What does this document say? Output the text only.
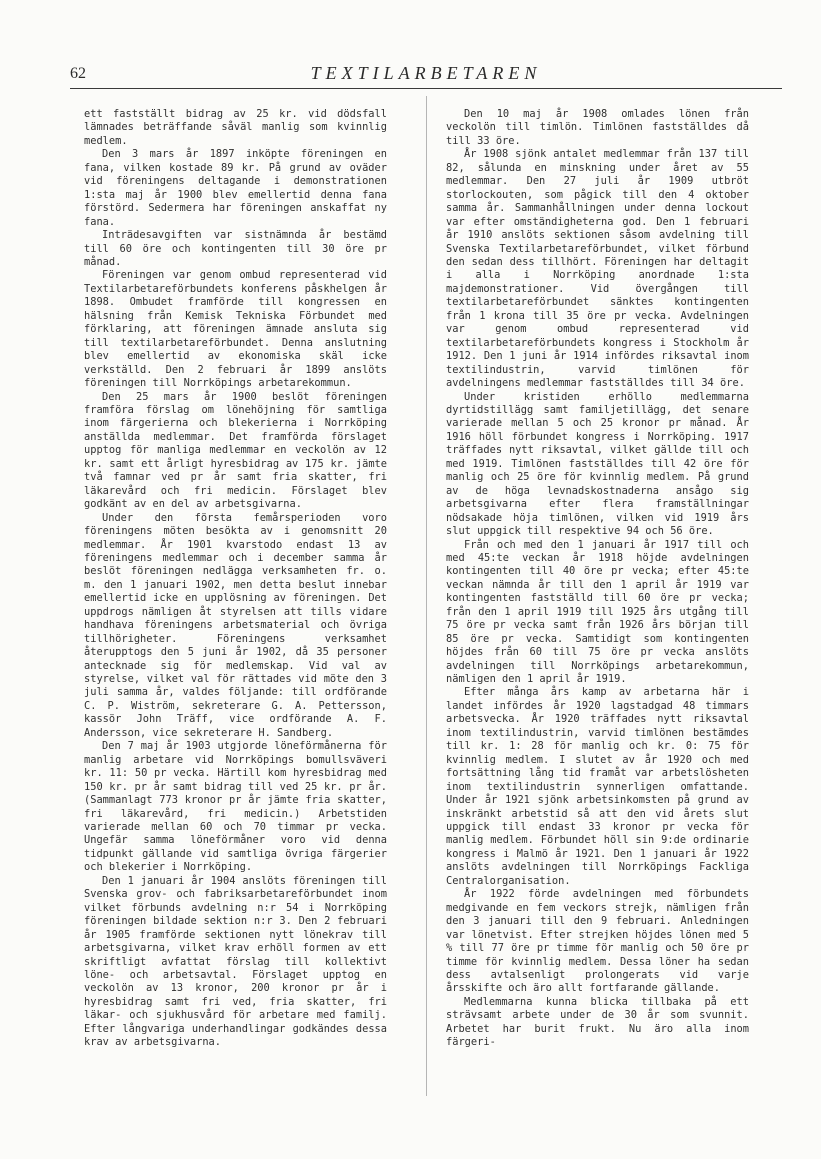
62	TEXTILARBETAREN

ett fastställt bidrag av 25 kr. vid dödsfall lämnades beträffande såväl manlig som kvinnlig medlem.

Den 3 mars år 1897 inköpte föreningen en fana, vilken kostade 89 kr. På grund av oväder vid föreningens deltagande i demonstrationen 1:sta maj år 1900 blev emellertid denna fana förstörd. Sedermera har föreningen anskaffat ny fana.

Inträdesavgiften var sistnämnda år bestämd till 60 öre och kontingenten till 30 öre pr månad.

Föreningen var genom ombud representerad vid Textilarbetareförbundets konferens påskhelgen år 1898. Ombudet framförde till kongressen en hälsning från Kemisk Tekniska Förbundet med förklaring, att föreningen ämnade ansluta sig till textilarbetareförbundet. Denna anslutning blev emellertid av ekonomiska skäl icke verkställd. Den 2 februari år 1899 anslöts föreningen till Norrköpings arbetarekommun.

Den 25 mars år 1900 beslöt föreningen framföra förslag om lönehöjning för samtliga inom färgerierna och blekerierna i Norrköping anställda medlemmar. Det framförda förslaget upptog för manliga medlemmar en veckolön av 12 kr. samt ett årligt hyresbidrag av 175 kr. jämte två famnar ved pr år samt fria skatter, fri läkarevård och fri medicin. Förslaget blev godkänt av en del av arbetsgivarna.

Under den första femårsperioden voro föreningens möten besökta av i genomsnitt 20 medlemmar. År 1901 kvarstodo endast 13 av föreningens medlemmar och i december samma år beslöt föreningen nedlägga verksamheten fr. o. m. den 1 januari 1902, men detta beslut innebar emellertid icke en upplösning av föreningen. Det uppdrogs nämligen åt styrelsen att tills vidare handhava föreningens arbetsmaterial och övriga tillhörigheter. Föreningens verksamhet återupptogs den 5 juni år 1902, då 35 personer antecknade sig för medlemskap. Vid val av styrelse, vilket val för rättades vid möte den 3 juli samma år, valdes följande: till ordförande C. P. Wiström, sekreterare G. A. Pettersson, kassör John Träff, vice ordförande A. F. Andersson, vice sekreterare H. Sandberg.

Den 7 maj år 1903 utgjorde löneförmånerna för manlig arbetare vid Norrköpings bomullsväveri kr. 11: 50 pr vecka. Härtill kom hyresbidrag med 150 kr. pr år samt bidrag till ved 25 kr. pr år. (Sammanlagt 773 kronor pr år jämte fria skatter, fri läkarevård, fri medicin.) Arbetstiden varierade mellan 60 och 70 timmar pr vecka. Ungefär samma löneförmåner voro vid denna tidpunkt gällande vid samtliga övriga färgerier och blekerier i Norrköping.

Den 1 januari år 1904 anslöts föreningen till Svenska grov- och fabriksarbetareförbundet inom vilket förbunds avdelning n:r 54 i Norrköping föreningen bildade sektion n:r 3. Den 2 februari år 1905 framförde sektionen nytt lönekrav till arbetsgivarna, vilket krav erhöll formen av ett skriftligt avfattat förslag till kollektivt löne- och arbetsavtal. Förslaget upptog en veckolön av 13 kronor, 200 kronor pr år i hyresbidrag samt fri ved, fria skatter, fri läkar- och sjukhusvård för arbetare med familj. Efter långvariga underhandlingar godkändes dessa krav av arbetsgivarna.

Den 10 maj år 1908 omlades lönen från veckolön till timlön. Timlönen fastställdes då till 33 öre.

År 1908 sjönk antalet medlemmar från 137 till 82, sålunda en minskning under året av 55 medlemmar. Den 27 juli år 1909 utbröt storlockouten, som pågick till den 4 oktober samma år. Sammanhållningen under denna lockout var efter omständigheterna god. Den 1 februari år 1910 anslöts sektionen såsom avdelning till Svenska Textilarbetareförbundet, vilket förbund den sedan dess tillhört. Föreningen har deltagit i alla i Norrköping anordnade 1:sta majdemonstrationer. Vid övergången till textilarbetareförbundet sänktes kontingenten från 1 krona till 35 öre pr vecka. Avdelningen var genom ombud representerad vid textilarbetareförbundets kongress i Stockholm år 1912. Den 1 juni år 1914 infördes riksavtal inom textilindustrin, varvid timlönen för avdelningens medlemmar fastställdes till 34 öre.

Under kristiden erhöllo medlemmarna dyrtidstillägg samt familjetillägg, det senare varierade mellan 5 och 25 kronor pr månad. År 1916 höll förbundet kongress i Norrköping. 1917 träffades nytt riksavtal, vilket gällde till och med 1919. Timlönen fastställdes till 42 öre för manlig och 25 öre för kvinnlig medlem. På grund av de höga levnadskostnaderna ansågo sig arbetsgivarna efter flera framställningar nödsakade höja timlönen, vilken vid 1919 års slut uppgick till respektive 94 och 56 öre.

Från och med den 1 januari år 1917 till och med 45:te veckan år 1918 höjde avdelningen kontingenten till 40 öre pr vecka; efter 45:te veckan nämnda år till den 1 april år 1919 var kontingenten fastställd till 60 öre pr vecka; från den 1 april 1919 till 1925 års utgång till 75 öre pr vecka samt från 1926 års början till 85 öre pr vecka. Samtidigt som kontingenten höjdes från 60 till 75 öre pr vecka anslöts avdelningen till Norrköpings arbetarekommun, nämligen den 1 april år 1919.

Efter många års kamp av arbetarna här i landet infördes år 1920 lagstadgad 48 timmars arbetsvecka. År 1920 träffades nytt riksavtal inom textilindustrin, varvid timlönen bestämdes till kr. 1: 28 för manlig och kr. 0: 75 för kvinnlig medlem. I slutet av år 1920 och med fortsättning lång tid framåt var arbetslösheten inom textilindustrin synnerligen omfattande. Under år 1921 sjönk arbetsinkomsten på grund av inskränkt arbetstid så att den vid årets slut uppgick till endast 33 kronor pr vecka för manlig medlem. Förbundet höll sin 9:de ordinarie kongress i Malmö år 1921. Den 1 januari år 1922 anslöts avdelningen till Norrköpings Fackliga Centralorganisation.

År 1922 förde avdelningen med förbundets medgivande en fem veckors strejk, nämligen från den 3 januari till den 9 februari. Anledningen var lönetvist. Efter strejken höjdes lönen med 5 % till 77 öre pr timme för manlig och 50 öre pr timme för kvinnlig medlem. Dessa löner ha sedan dess avtalsenligt prolongerats vid varje årsskifte och äro allt fortfarande gällande.

Medlemmarna kunna blicka tillbaka på ett strävsamt arbete under de 30 år som svunnit. Arbetet har burit frukt. Nu äro alla inom färgeri-
